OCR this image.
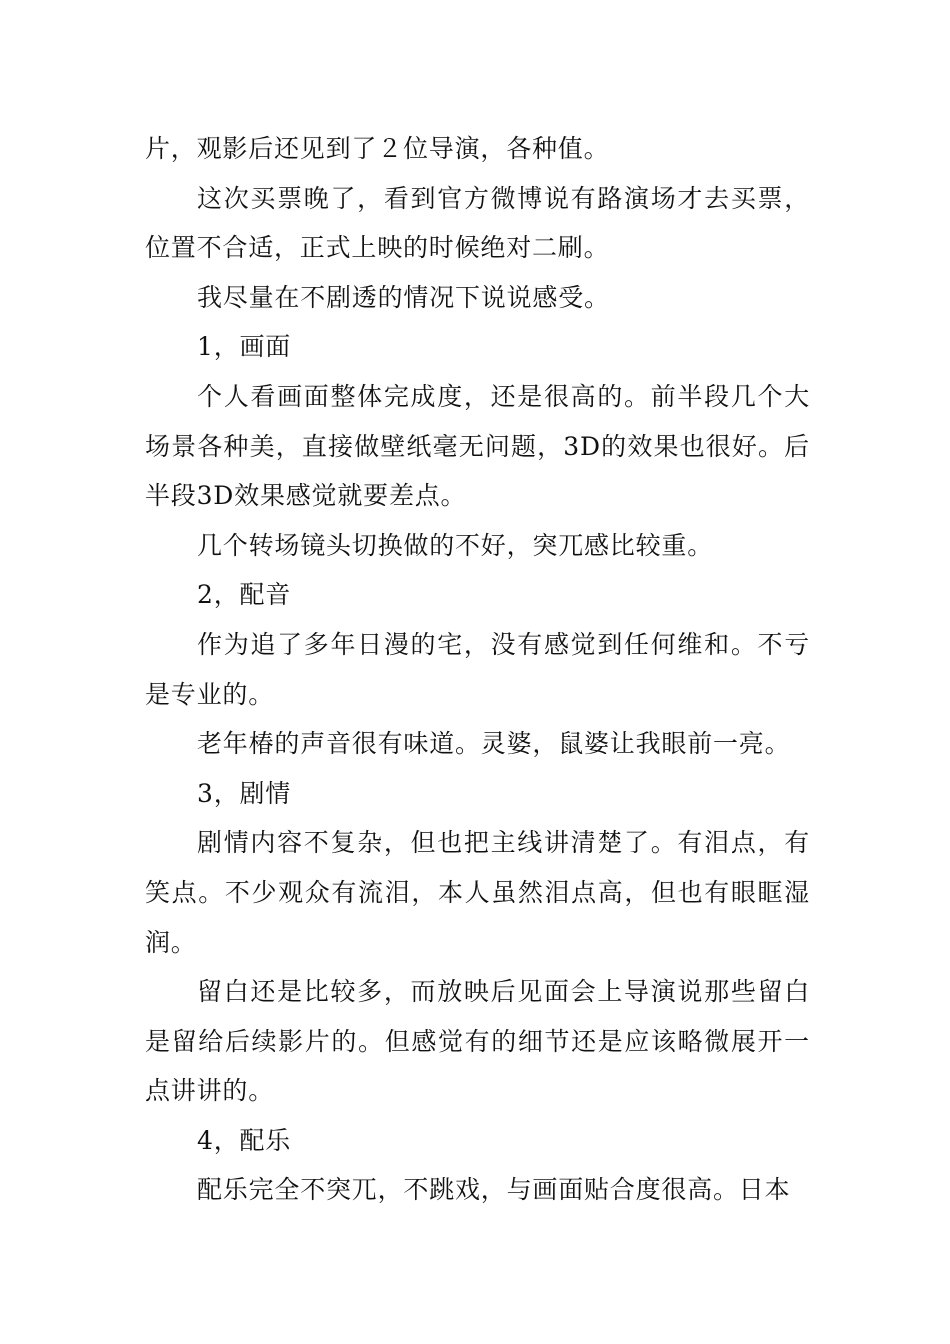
片，观影后还见到了２位导演，各种值。

这次买票晚了，看到官方微博说有路演场才去买票，位置不合适，正式上映的时候绝对二刷。

我尽量在不剧透的情况下说说感受。

1，画面

个人看画面整体完成度，还是很高的。前半段几个大场景各种美，直接做壁纸毫无问题，3D的效果也很好。后半段3D效果感觉就要差点。

几个转场镜头切换做的不好，突兀感比较重。

2，配音

作为追了多年日漫的宅，没有感觉到任何维和。不亏是专业的。

老年椿的声音很有味道。灵婆，鼠婆让我眼前一亮。

3，剧情

剧情内容不复杂，但也把主线讲清楚了。有泪点，有笑点。不少观众有流泪，本人虽然泪点高，但也有眼眶湿润。

留白还是比较多，而放映后见面会上导演说那些留白是留给后续影片的。但感觉有的细节还是应该略微展开一点讲讲的。

4，配乐

配乐完全不突兀，不跳戏，与画面贴合度很高。日本
